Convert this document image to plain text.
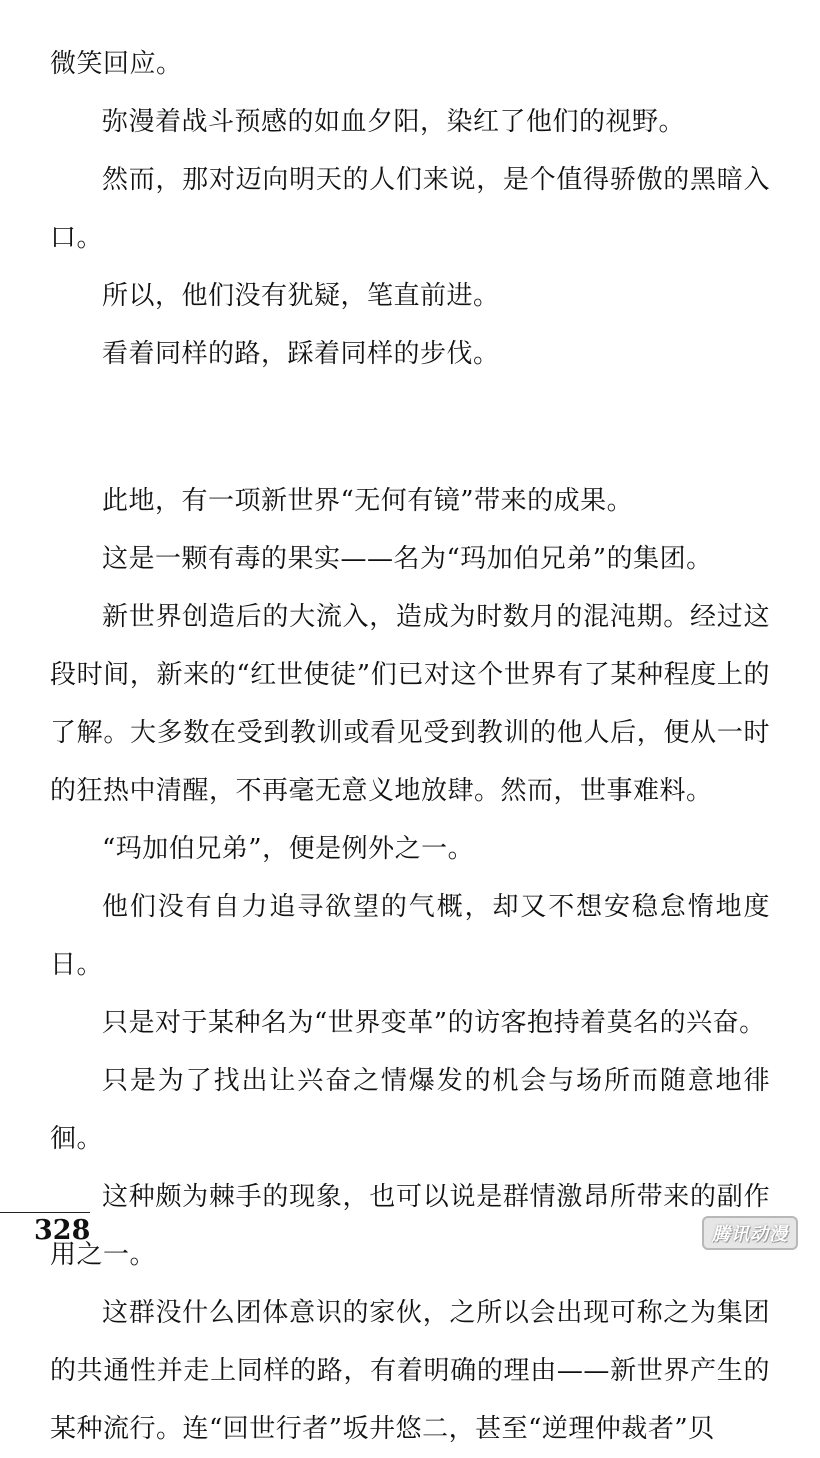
微笑回应。

弥漫着战斗预感的如血夕阳，染红了他们的视野。

然而，那对迈向明天的人们来说，是个值得骄傲的黑暗入口。

所以，他们没有犹疑，笔直前进。

看着同样的路，踩着同样的步伐。

此地，有一项新世界“无何有镜”带来的成果。

这是一颗有毒的果实——名为“玛加伯兄弟”的集团。

新世界创造后的大流入，造成为时数月的混沌期。经过这段时间，新来的“红世使徒”们已对这个世界有了某种程度上的了解。大多数在受到教训或看见受到教训的他人后，便从一时的狂热中清醒，不再毫无意义地放肆。然而，世事难料。

“玛加伯兄弟”，便是例外之一。

他们没有自力追寻欲望的气概，却又不想安稳怠惰地度日。

只是对于某种名为“世界变革”的访客抱持着莫名的兴奋。

只是为了找出让兴奋之情爆发的机会与场所而随意地徘徊。

这种颇为棘手的现象，也可以说是群情激昂所带来的副作用之一。

这群没什么团体意识的家伙，之所以会出现可称之为集团的共通性并走上同样的路，有着明确的理由——新世界产生的某种流行。连“回世行者”坂井悠二，甚至“逆理仲裁者”贝

328	腾讯动漫
